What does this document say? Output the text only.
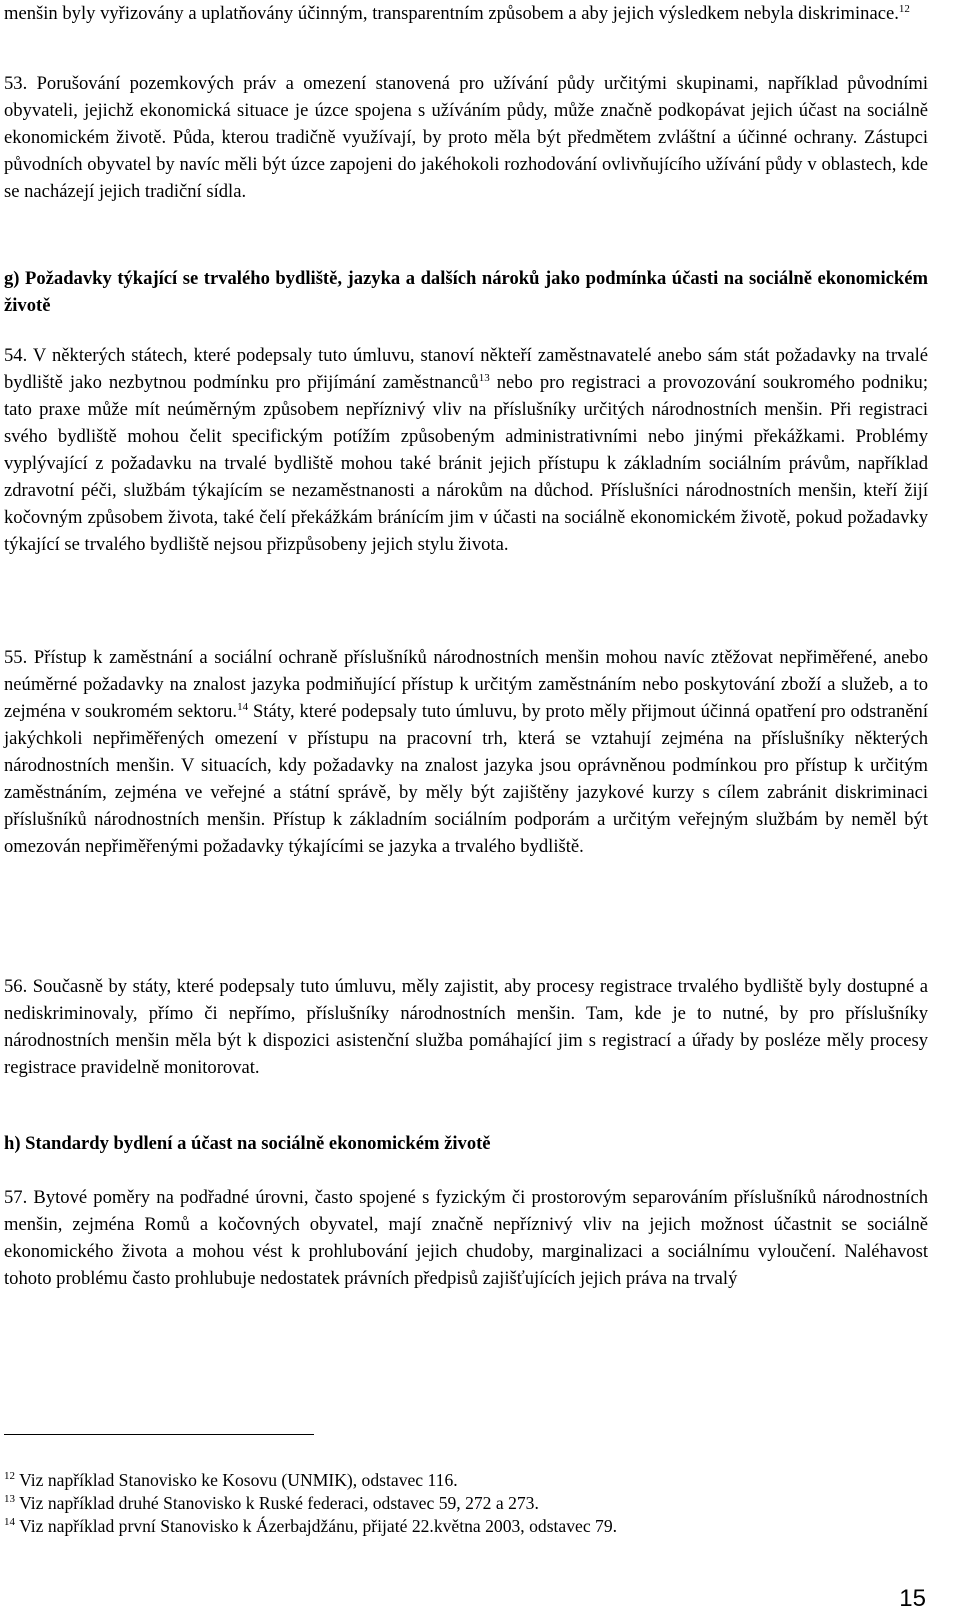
menšin byly vyřizovány a uplatňovány účinným, transparentním způsobem a aby jejich výsledkem nebyla diskriminace.$^{12}$

53. Porušování pozemkových práv a omezení stanovená pro užívání půdy určitými skupinami, například původními obyvateli, jejichž ekonomická situace je úzce spojena s užíváním půdy, může značně podkopávat jejich účast na sociálně ekonomickém životě. Půda, kterou tradičně využívají, by proto měla být předmětem zvláštní a účinné ochrany. Zástupci původních obyvatel by navíc měli být úzce zapojeni do jakéhokoli rozhodování ovlivňujícího užívání půdy v oblastech, kde se nacházejí jejich tradiční sídla.

g) Požadavky týkající se trvalého bydliště, jazyka a dalších nároků jako podmínka účasti na sociálně ekonomickém životě

54. V některých státech, které podepsaly tuto úmluvu, stanoví někteří zaměstnavatelé anebo sám stát požadavky na trvalé bydliště jako nezbytnou podmínku pro přijímání zaměstnanců$^{13}$ nebo pro registraci a provozování soukromého podniku; tato praxe může mít neúměrným způsobem nepříznivý vliv na příslušníky určitých národnostních menšin. Při registraci svého bydliště mohou čelit specifickým potížím způsobeným administrativními nebo jinými překážkami. Problémy vyplývající z požadavku na trvalé bydliště mohou také bránit jejich přístupu k základním sociálním právům, například zdravotní péči, službám týkajícím se nezaměstnanosti a nárokům na důchod. Příslušníci národnostních menšin, kteří žijí kočovným způsobem života, také čelí překážkám bránícím jim v účasti na sociálně ekonomickém životě, pokud požadavky týkající se trvalého bydliště nejsou přizpůsobeny jejich stylu života.

55. Přístup k zaměstnání a sociální ochraně příslušníků národnostních menšin mohou navíc ztěžovat nepřiměřené, anebo neúměrné požadavky na znalost jazyka podmiňující přístup k určitým zaměstnáním nebo poskytování zboží a služeb, a to zejména v soukromém sektoru.$^{14}$ Státy, které podepsaly tuto úmluvu, by proto měly přijmout účinná opatření pro odstranění jakýchkoli nepřiměřených omezení v přístupu na pracovní trh, která se vztahují zejména na příslušníky některých národnostních menšin. V situacích, kdy požadavky na znalost jazyka jsou oprávněnou podmínkou pro přístup k určitým zaměstnáním, zejména ve veřejné a státní správě, by měly být zajištěny jazykové kurzy s cílem zabránit diskriminaci příslušníků národnostních menšin. Přístup k základním sociálním podporám a určitým veřejným službám by neměl být omezován nepřiměřenými požadavky týkajícími se jazyka a trvalého bydliště.

56. Současně by státy, které podepsaly tuto úmluvu, měly zajistit, aby procesy registrace trvalého bydliště byly dostupné a nediskriminovaly, přímo či nepřímo, příslušníky národnostních menšin. Tam, kde je to nutné, by pro příslušníky národnostních menšin měla být k dispozici asistenční služba pomáhající jim s registrací a úřady by posléze měly procesy registrace pravidelně monitorovat.

h) Standardy bydlení a účast na sociálně ekonomickém životě

57. Bytové poměry na podřadné úrovni, často spojené s fyzickým či prostorovým separováním příslušníků národnostních menšin, zejména Romů a kočovných obyvatel, mají značně nepříznivý vliv na jejich možnost účastnit se sociálně ekonomického života a mohou vést k prohlubování jejich chudoby, marginalizaci a sociálnímu vyloučení. Naléhavost tohoto problému často prohlubuje nedostatek právních předpisů zajišťujících jejich práva na trvalý

$^{12}$ Viz například Stanovisko ke Kosovu (UNMIK), odstavec 116.

$^{13}$ Viz například druhé Stanovisko k Ruské federaci, odstavec 59, 272 a 273.

$^{14}$ Viz například první Stanovisko k Ázerbajdžánu, přijaté 22.května 2003, odstavec 79.

15
